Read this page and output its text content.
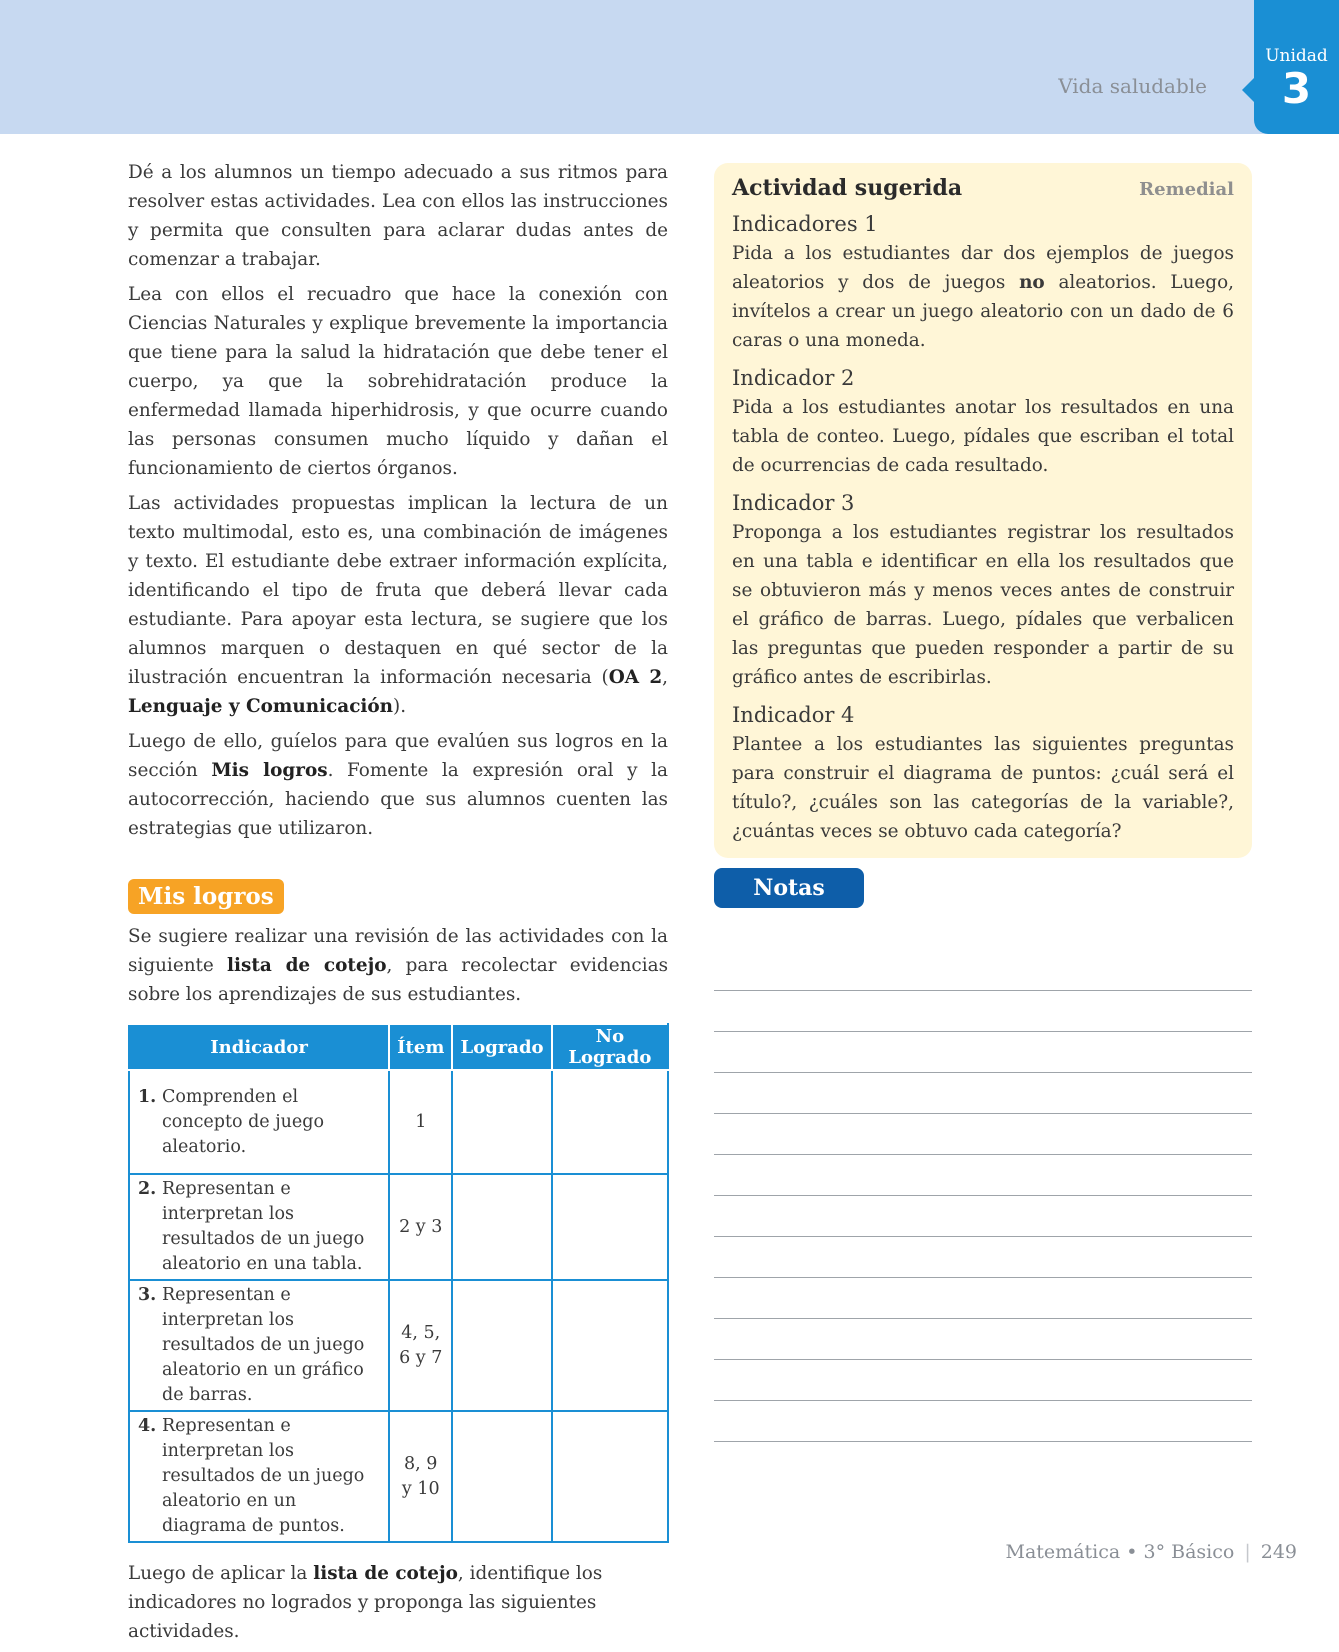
Vida saludable
Unidad
3

Dé a los alumnos un tiempo adecuado a sus ritmos para resolver estas actividades. Lea con ellos las instrucciones y permita que consulten para aclarar dudas antes de comenzar a trabajar.

Lea con ellos el recuadro que hace la conexión con Ciencias Naturales y explique brevemente la importancia que tiene para la salud la hidratación que debe tener el cuerpo, ya que la sobrehidratación produce la enfermedad llamada hiperhidrosis, y que ocurre cuando las personas consumen mucho líquido y dañan el funcionamiento de ciertos órganos.

Las actividades propuestas implican la lectura de un texto multimodal, esto es, una combinación de imágenes y texto. El estudiante debe extraer información explícita, identificando el tipo de fruta que deberá llevar cada estudiante. Para apoyar esta lectura, se sugiere que los alumnos marquen o destaquen en qué sector de la ilustración encuentran la información necesaria (OA 2, Lenguaje y Comunicación).

Luego de ello, guíelos para que evalúen sus logros en la sección Mis logros. Fomente la expresión oral y la autocorrección, haciendo que sus alumnos cuenten las estrategias que utilizaron.

Mis logros

Se sugiere realizar una revisión de las actividades con la siguiente lista de cotejo, para recolectar evidencias sobre los aprendizajes de sus estudiantes.

Indicador	Ítem	Logrado	No Logrado

1. Comprenden el concepto de juego aleatorio.	1		

2. Representan e interpretan los resultados de un juego aleatorio en una tabla.	2 y 3		

3. Representan e interpretan los resultados de un juego aleatorio en un gráfico de barras.	4, 5, 6 y 7		

4. Representan e interpretan los resultados de un juego aleatorio en un diagrama de puntos.	8, 9 y 10		

Luego de aplicar la lista de cotejo, identifique los indicadores no logrados y proponga las siguientes actividades.

Actividad sugerida	Remedial
Indicadores 1
Pida a los estudiantes dar dos ejemplos de juegos aleatorios y dos de juegos no aleatorios. Luego, invítelos a crear un juego aleatorio con un dado de 6 caras o una moneda.
Indicador 2
Pida a los estudiantes anotar los resultados en una tabla de conteo. Luego, pídales que escriban el total de ocurrencias de cada resultado.
Indicador 3
Proponga a los estudiantes registrar los resultados en una tabla e identificar en ella los resultados que se obtuvieron más y menos veces antes de construir el gráfico de barras. Luego, pídales que verbalicen las preguntas que pueden responder a partir de su gráfico antes de escribirlas.
Indicador 4
Plantee a los estudiantes las siguientes preguntas para construir el diagrama de puntos: ¿cuál será el título?, ¿cuáles son las categorías de la variable?, ¿cuántas veces se obtuvo cada categoría?
Notas
Matemática • 3° Básico | 249
